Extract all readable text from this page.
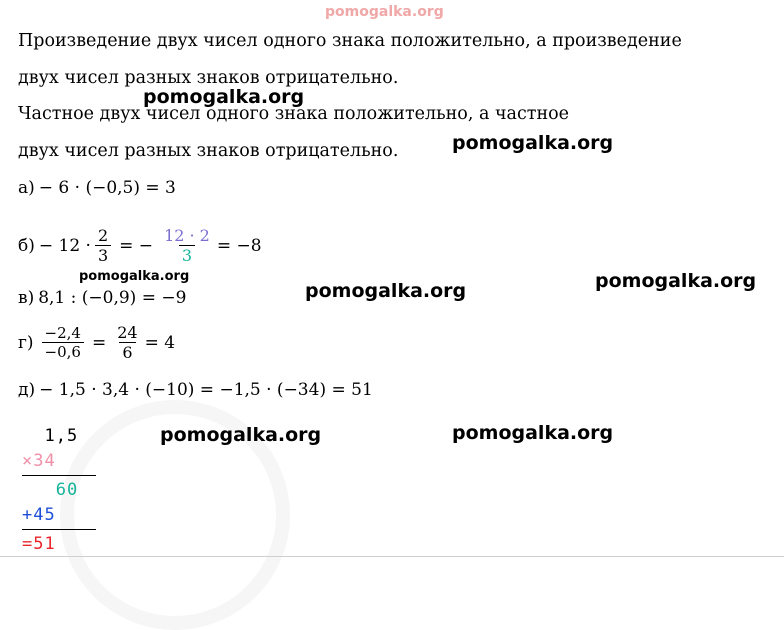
pomogalka.org
pomogalka.org
pomogalka.org
pomogalka.org	pomogalka.org
pomogalka.org	pomogalka.org
pomogalka.org
Произведение двух чисел одного знака положительно, а произведение
двух чисел разных знаков отрицательно.
Частное двух чисел одного знака положительно, а частное
двух чисел разных знаков отрицательно.
а) − 6 · (−0,5) = 3
$б) - 12 \cdot \frac{2}{3}$ = − $\frac{12 \cdot 2}{3} = -8$
в) 8,1 : (−0,9) = −9
$г) \frac{-2,4}{-0,6} = \frac{24}{6} = 4$
д) − 1,5 · 3,4 · (−10) = −1,5 · (−34) = 51
1,5
×34
60
+45
=51
